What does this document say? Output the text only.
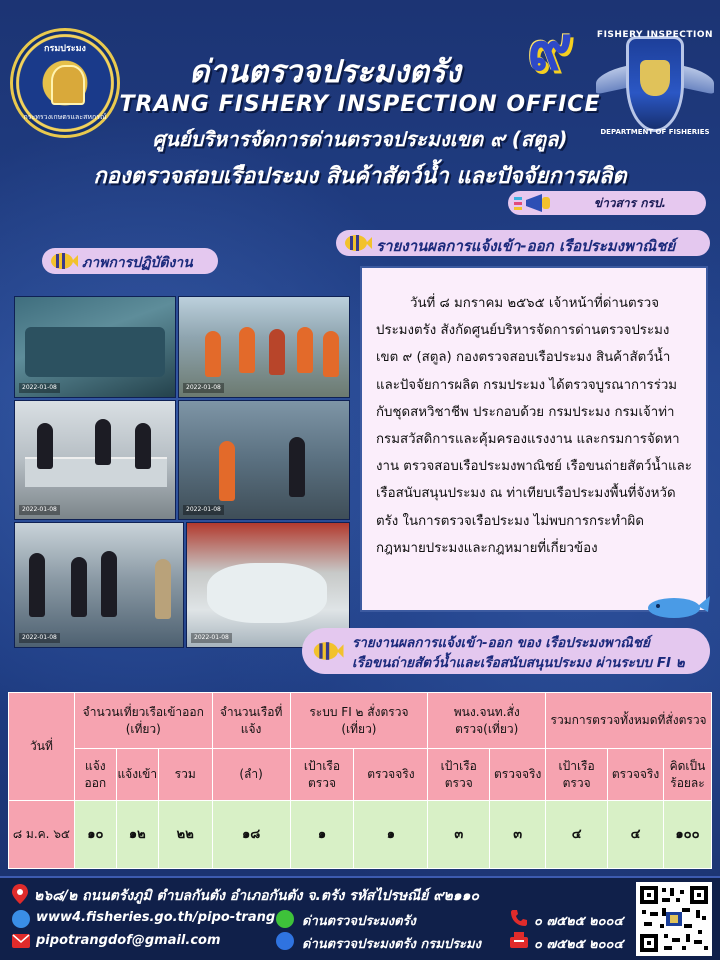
กรมประมง
กระทรวงเกษตรและสหกรณ์
ด่านตรวจประมงตรัง	๙	FISHERY INSPECTION
DEPARTMENT OF FISHERIES
TRANG FISHERY INSPECTION OFFICE
ศูนย์บริหารจัดการด่านตรวจประมงเขต ๙ (สตูล)
กองตรวจสอบเรือประมง สินค้าสัตว์น้ำ และปัจจัยการผลิต
ข่าวสาร กรป.
รายงานผลการแจ้งเข้า-ออก เรือประมงพาณิชย์
ภาพการปฏิบัติงาน
2022-01-08	2022-01-08
2022-01-08	2022-01-08
2022-01-08	2022-01-08

วันที่ ๘ มกราคม ๒๕๖๕ เจ้าหน้าที่ด่านตรวจประมงตรัง สังกัดศูนย์บริหารจัดการด่านตรวจประมง เขต ๙ (สตูล) กองตรวจสอบเรือประมง สินค้าสัตว์น้ำ และปัจจัยการผลิต กรมประมง ได้ตรวจบูรณาการร่วมกับชุดสหวิชาชีพ ประกอบด้วย กรมประมง กรมเจ้าท่า กรมสวัสดิการและคุ้มครองแรงงาน และกรมการจัดหางาน ตรวจสอบเรือประมงพาณิชย์ เรือขนถ่ายสัตว์น้ำและเรือสนับสนุนประมง ณ ท่าเทียบเรือประมงพื้นที่จังหวัดตรัง ในการตรวจเรือประมง ไม่พบการกระทำผิดกฎหมายประมงและกฎหมายที่เกี่ยวข้อง

รายงานผลการแจ้งเข้า-ออก ของ เรือประมงพาณิชย์
เรือขนถ่ายสัตว์น้ำและเรือสนับสนุนประมง ผ่านระบบ FI ๒
วันที่	จำนวนเที่ยวเรือเข้าออก (เที่ยว)			จำนวนเรือที่แจ้ง	ระบบ FI ๒ สั่งตรวจ (เที่ยว)		พนง.จนท.สั่งตรวจ(เที่ยว)		รวมการตรวจทั้งหมดที่สั่งตรวจ		
	แจ้งออก	แจ้งเข้า	รวม	(ลำ)	เป้าเรือตรวจ	ตรวจจริง	เป้าเรือตรวจ	ตรวจจริง	เป้าเรือตรวจ	ตรวจจริง	คิดเป็นร้อยละ
๘ ม.ค. ๖๕	๑๐	๑๒	๒๒	๑๘	๑	๑	๓	๓	๔	๔	๑๐๐
๒๖๘/๒ ถนนตรังภูมิ ตำบลกันตัง อำเภอกันตัง จ.ตรัง รหัสไปรษณีย์ ๙๒๑๑๐
www4.fisheries.go.th/pipo-trang ด่านตรวจประมงตรัง	๐ ๗๕๒๕ ๒๐๐๔
pipotrangdof@gmail.com	ด่านตรวจประมงตรัง กรมประมง	๐ ๗๕๒๕ ๒๐๐๔
